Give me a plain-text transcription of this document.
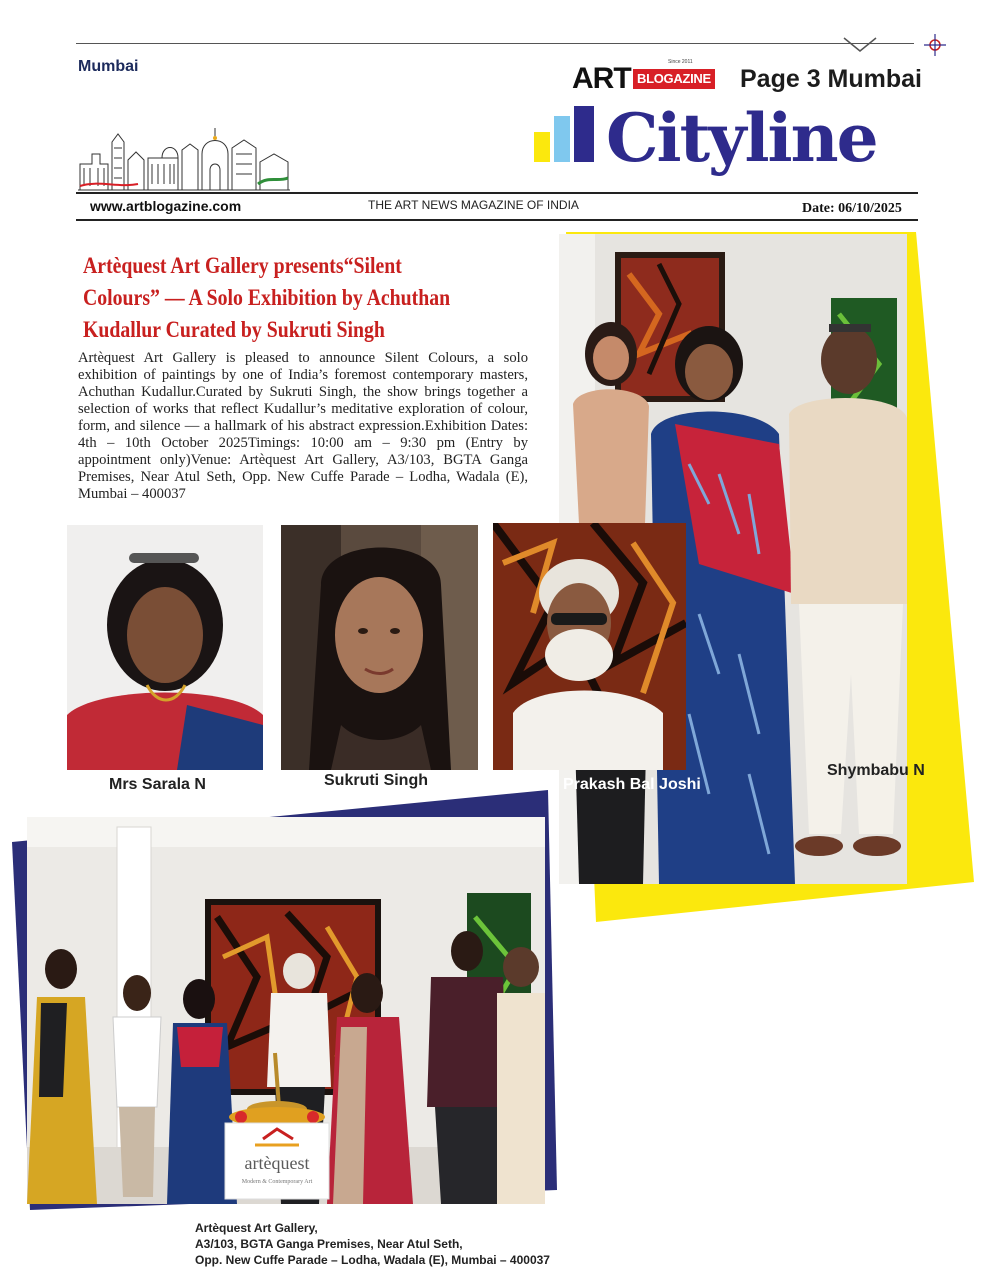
Mumbai	ART	Since 2011
BLOGAZINE Page 3 Mumbai
Cityline
www.artblogazine.com	THE ART NEWS MAGAZINE OF INDIA	Date: 06/10/2025
Artèquest Art Gallery presents“Silent Colours” — A Solo Exhibition by Achuthan Kudallur Curated by Sukruti Singh
Artèquest Art Gallery is pleased to announce Silent Colours, a solo exhibition of paintings by one of India’s foremost contemporary masters, Achuthan Kudallur.Curated by Sukruti Singh, the show brings together a selection of works that reflect Kudallur’s meditative exploration of colour, form, and silence — a hallmark of his abstract expression.Exhibition Dates: 4th – 10th October 2025Timings: 10:00 am – 9:30 pm (Entry by appointment only)Venue: Artèquest Art Gallery, A3/103, BGTA Ganga Premises, Near Atul Seth, Opp. New Cuffe Parade – Lodha, Wadala (E), Mumbai – 400037
Mrs Sarala N	Sukruti Singh
artèquest
Modern & Contemporary Art
Prakash Bal Joshi
Shymbabu N
Artèquest Art Gallery,
A3/103, BGTA Ganga Premises, Near Atul Seth,
Opp. New Cuffe Parade – Lodha, Wadala (E), Mumbai – 400037
